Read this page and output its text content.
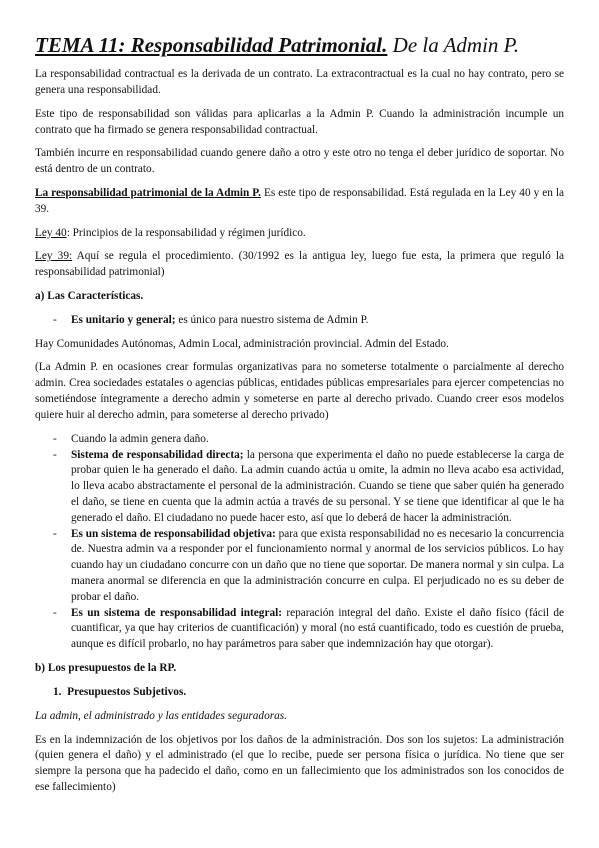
TEMA 11: Responsabilidad Patrimonial. De la Admin P.

La responsabilidad contractual es la derivada de un contrato. La extracontractual es la cual no hay contrato, pero se genera una responsabilidad.

Este tipo de responsabilidad son válidas para aplicarlas a la Admin P. Cuando la administración incumple un contrato que ha firmado se genera responsabilidad contractual.

También incurre en responsabilidad cuando genere daño a otro y este otro no tenga el deber jurídico de soportar. No está dentro de un contrato.

La responsabilidad patrimonial de la Admin P. Es este tipo de responsabilidad. Está regulada en la Ley 40 y en la 39.

Ley 40: Principios de la responsabilidad y régimen jurídico.

Ley 39: Aquí se regula el procedimiento. (30/1992 es la antigua ley, luego fue esta, la primera que reguló la responsabilidad patrimonial)

a) Las Características.

- Es unitario y general; es único para nuestro sistema de Admin P.

Hay Comunidades Autónomas, Admin Local, administración provincial. Admin del Estado.

(La Admin P. en ocasiones crear formulas organizativas para no someterse totalmente o parcialmente al derecho admin. Crea sociedades estatales o agencias públicas, entidades públicas empresariales para ejercer competencias no sometiéndose íntegramente a derecho admin y someterse en parte al derecho privado. Cuando creer esos modelos quiere huir al derecho admin, para someterse al derecho privado)

- Cuando la admin genera daño.
- Sistema de responsabilidad directa; la persona que experimenta el daño no puede establecerse la carga de probar quien le ha generado el daño. La admin cuando actúa u omite, la admin no lleva acabo esa actividad, lo lleva acabo abstractamente el personal de la administración. Cuando se tiene que saber quién ha generado el daño, se tiene en cuenta que la admin actúa a través de su personal. Y se tiene que identificar al que le ha generado el daño. El ciudadano no puede hacer esto, así que lo deberá de hacer la administración.
- Es un sistema de responsabilidad objetiva: para que exista responsabilidad no es necesario la concurrencia de. Nuestra admin va a responder por el funcionamiento normal y anormal de los servicios públicos. Lo hay cuando hay un ciudadano concurre con un daño que no tiene que soportar. De manera normal y sin culpa. La manera anormal se diferencia en que la administración concurre en culpa. El perjudicado no es su deber de probar el daño.
- Es un sistema de responsabilidad integral: reparación integral del daño. Existe el daño físico (fácil de cuantificar, ya que hay criterios de cuantificación) y moral (no está cuantificado, todo es cuestión de prueba, aunque es difícil probarlo, no hay parámetros para saber que indemnización hay que otorgar).

b) Los presupuestos de la RP.

1.  Presupuestos Subjetivos.

La admin, el administrado y las entidades seguradoras.

Es en la indemnización de los objetivos por los daños de la administración. Dos son los sujetos: La administración (quien genera el daño) y el administrado (el que lo recibe, puede ser persona física o jurídica. No tiene que ser siempre la persona que ha padecido el daño, como en un fallecimiento que los administrados son los conocidos de ese fallecimiento)
